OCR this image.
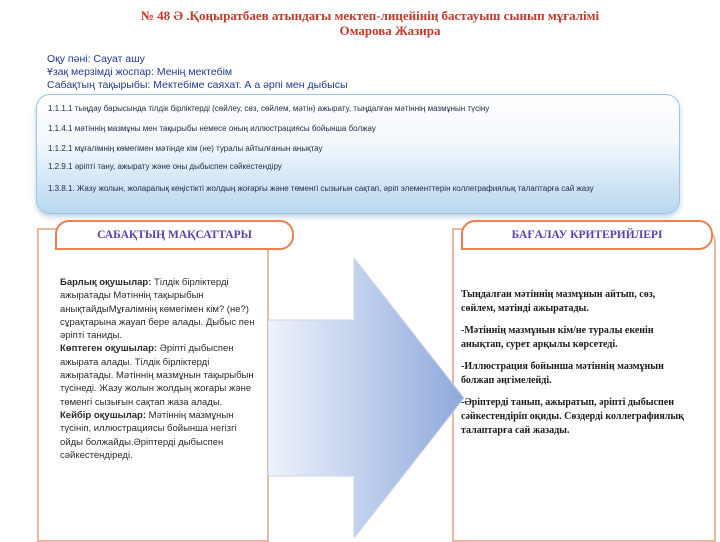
№ 48 Ә .Қоңыратбаев атындағы мектеп-лицейінің бастауыш сынып мұғалімі
Омарова Жазира
Оқу пәні: Сауат ашу
Ұзақ мерзімді жоспар: Менің мектебім
Сабақтың тақырыбы: Мектебіме саяхат. А а әрпі мен дыбысы
1.1.1.1 тыңдау барысында тілдік бірліктерді (сөйлеу, сөз, сөйлем, мәтін) ажырату, тыңдалған мәтіннің мазмұнын түсіну
1.1.4.1 мәтіннің мазмұны мен тақырыбы немесе оның иллюстрациясы бойынша болжау
1.1.2.1 мұғалімнің көмегімен мәтінде кім (не) туралы айтылғанын анықтау
1.2.9.1 әріпті тану, ажырату және оны дыбыспен сәйкестендіру
1.3.8.1. Жазу жолын, жоларалық кеңістікті жолдың жоғарғы және төменгі сызығын сақтап, әріп элементтерін коллеграфиялық талаптарға сай жазу
САБАҚТЫҢ МАҚСАТТАРЫ	БАҒАЛАУ КРИТЕРИЙЛЕРІ
Барлық оқушылар: Тілдік бірліктерді ажыратады Мәтіннің тақырыбын анықтайдыМұғалімнің көмегімен кім? (не?) сұрақтарына жауап бере алады. Дыбыс пен әріпті таниды.
Көптеген оқушылар: Әріпті дыбыспен ажырата алады. Тілдік бірліктерді ажыратады. Мәтіннің мазмұнын тақырыбын түсінеді. Жазу жолын жолдың жоғары және төменгі сызығын сақтап жаза алады.
Кейбір оқушылар: Мәтіннің мазмұнын түсініп, иллюстрациясы бойынша негізгі ойды болжайды.Әріптерді дыбыспен сәйкестендіреді.

Тыңдалған мәтіннің мазмұнын айтып, сөз, сөйлем, мәтінді ажыратады.

-Мәтіннің мазмұнын кім/не туралы екенін анықтап, сурет арқылы көрсетеді.

-Иллюстрация бойынша мәтіннің мазмұнын болжап әңгімелейді.

-Әріптерді танып, ажыратып, әріпті дыбыспен сәйкестендіріп оқиды. Сөздерді коллеграфиялық талаптарға сай жазады.
